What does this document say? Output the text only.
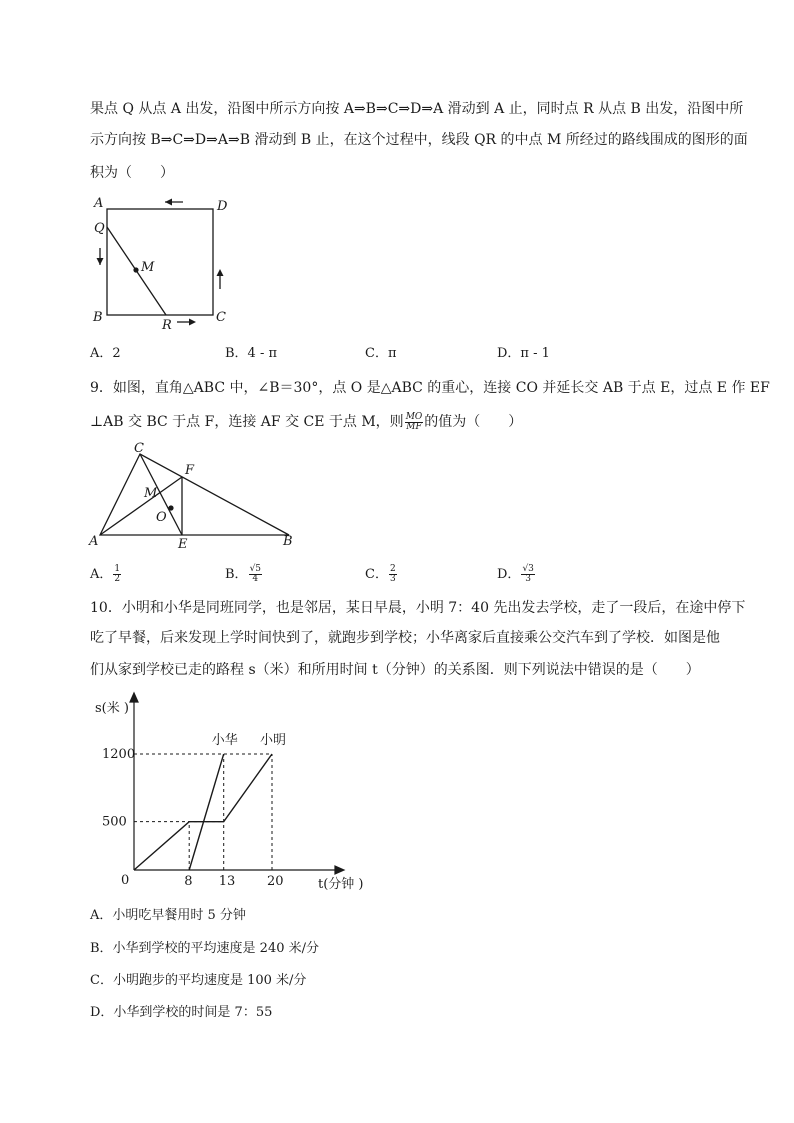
果点 Q 从点 A 出发，沿图中所示方向按 A⇒B⇒C⇒D⇒A 滑动到 A 止，同时点 R 从点 B 出发，沿图中所
示方向按 B⇒C⇒D⇒A⇒B 滑动到 B 止，在这个过程中，线段 QR 的中点 M 所经过的路线围成的图形的面
积为（　　）
A	D
Q
M
B
R
C
A．2	B．4 - π	C．π	D．π - 1
9．如图，直角△ABC 中，∠B＝30°，点 O 是△ABC 的重心，连接 CO 并延长交 AB 于点 E，过点 E 作 EF
⊥AB 交 BC 于点 F，连接 AF 交 CE 于点 M，则 $\frac{MO}{MF}$ 的值为（　　）
C
F
M
O
A	E	B
A． $\frac{1}{2}$	B． $\frac{√5}{4}$	C． $\frac{2}{3}$	D． $\frac{√3}{3}$
10．小明和小华是同班同学，也是邻居，某日早晨，小明 7：40 先出发去学校，走了一段后，在途中停下
吃了早餐，后来发现上学时间快到了，就跑步到学校；小华离家后直接乘公交汽车到了学校．如图是他
们从家到学校已走的路程 s（米）和所用时间 t（分钟）的关系图．则下列说法中错误的是（　　）
500
1200
8 13 20
小明
小华
s(米 )
t(分钟 )
0
A．小明吃早餐用时 5 分钟
B．小华到学校的平均速度是 240 米/分
C．小明跑步的平均速度是 100 米/分
D．小华到学校的时间是 7：55
